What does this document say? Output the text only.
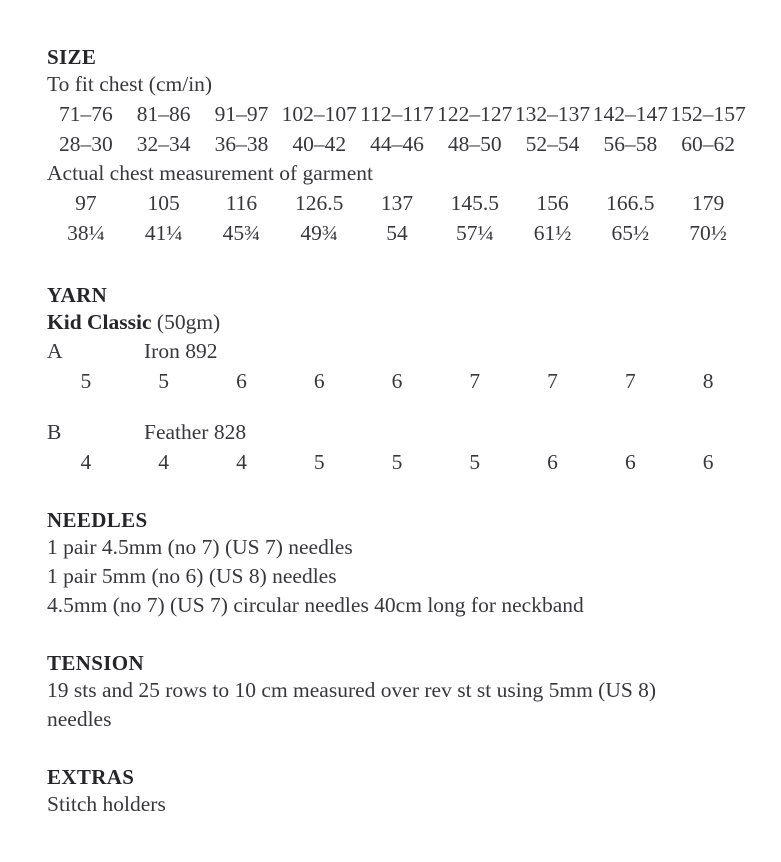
SIZE
To fit chest (cm/in)
71–76	81–86	91–97 102–107 112–117 122–127 132–137 142–147 152–157
28–30	32–34	36–38	40–42	44–46	48–50	52–54	56–58	60–62
Actual chest measurement of garment
97	105	116	126.5	137	145.5	156	166.5	179
38¼	41¼	45¾	49¾	54	57¼	61½	65½	70½
YARN
Kid Classic (50gm)
A	Iron 892
5	5	6	6	6	7	7	7	8
B	Feather 828
4	4	4	5	5	5	6	6	6
NEEDLES
1 pair 4.5mm (no 7) (US 7) needles
1 pair 5mm (no 6) (US 8) needles
4.5mm (no 7) (US 7) circular needles 40cm long for neckband
TENSION
19 sts and 25 rows to 10 cm measured over rev st st using 5mm (US 8) needles
EXTRAS
Stitch holders
